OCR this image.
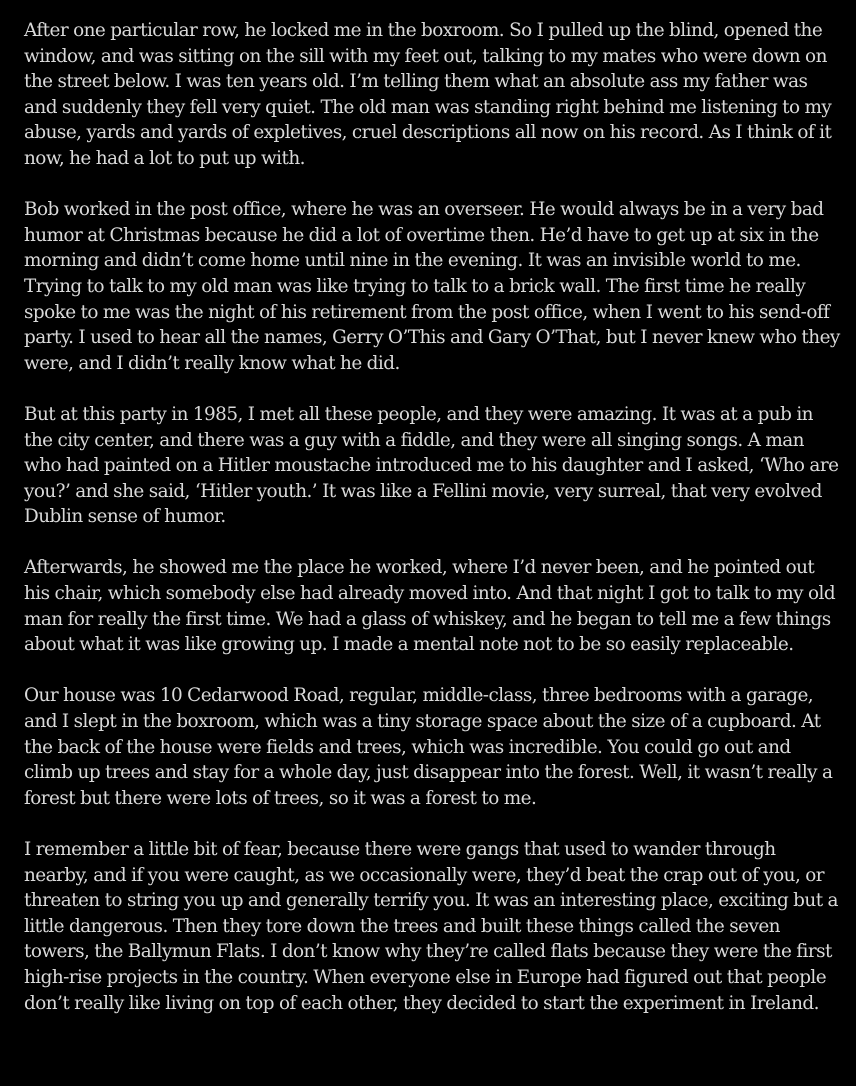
After one particular row, he locked me in the boxroom. So I pulled up the blind, opened the window, and was sitting on the sill with my feet out, talking to my mates who were down on the street below. I was ten years old. I’m telling them what an absolute ass my father was and suddenly they fell very quiet. The old man was standing right behind me listening to my abuse, yards and yards of expletives, cruel descriptions all now on his record. As I think of it now, he had a lot to put up with.

Bob worked in the post office, where he was an overseer. He would always be in a very bad humor at Christmas because he did a lot of overtime then. He’d have to get up at six in the morning and didn’t come home until nine in the evening. It was an invisible world to me. Trying to talk to my old man was like trying to talk to a brick wall. The first time he really spoke to me was the night of his retirement from the post office, when I went to his send-off party. I used to hear all the names, Gerry O’This and Gary O’That, but I never knew who they were, and I didn’t really know what he did.

But at this party in 1985, I met all these people, and they were amazing. It was at a pub in the city center, and there was a guy with a fiddle, and they were all singing songs. A man who had painted on a Hitler moustache introduced me to his daughter and I asked, ‘Who are you?’ and she said, ‘Hitler youth.’ It was like a Fellini movie, very surreal, that very evolved Dublin sense of humor.

Afterwards, he showed me the place he worked, where I’d never been, and he pointed out his chair, which somebody else had already moved into. And that night I got to talk to my old man for really the first time. We had a glass of whiskey, and he began to tell me a few things about what it was like growing up. I made a mental note not to be so easily replaceable.

Our house was 10 Cedarwood Road, regular, middle-class, three bedrooms with a garage, and I slept in the boxroom, which was a tiny storage space about the size of a cupboard. At the back of the house were fields and trees, which was incredible. You could go out and climb up trees and stay for a whole day, just disappear into the forest. Well, it wasn’t really a forest but there were lots of trees, so it was a forest to me.

I remember a little bit of fear, because there were gangs that used to wander through nearby, and if you were caught, as we occasionally were, they’d beat the crap out of you, or threaten to string you up and generally terrify you. It was an interesting place, exciting but a little dangerous. Then they tore down the trees and built these things called the seven towers, the Ballymun Flats. I don’t know why they’re called flats because they were the first high-rise projects in the country. When everyone else in Europe had figured out that people don’t really like living on top of each other, they decided to start the experiment in Ireland.
